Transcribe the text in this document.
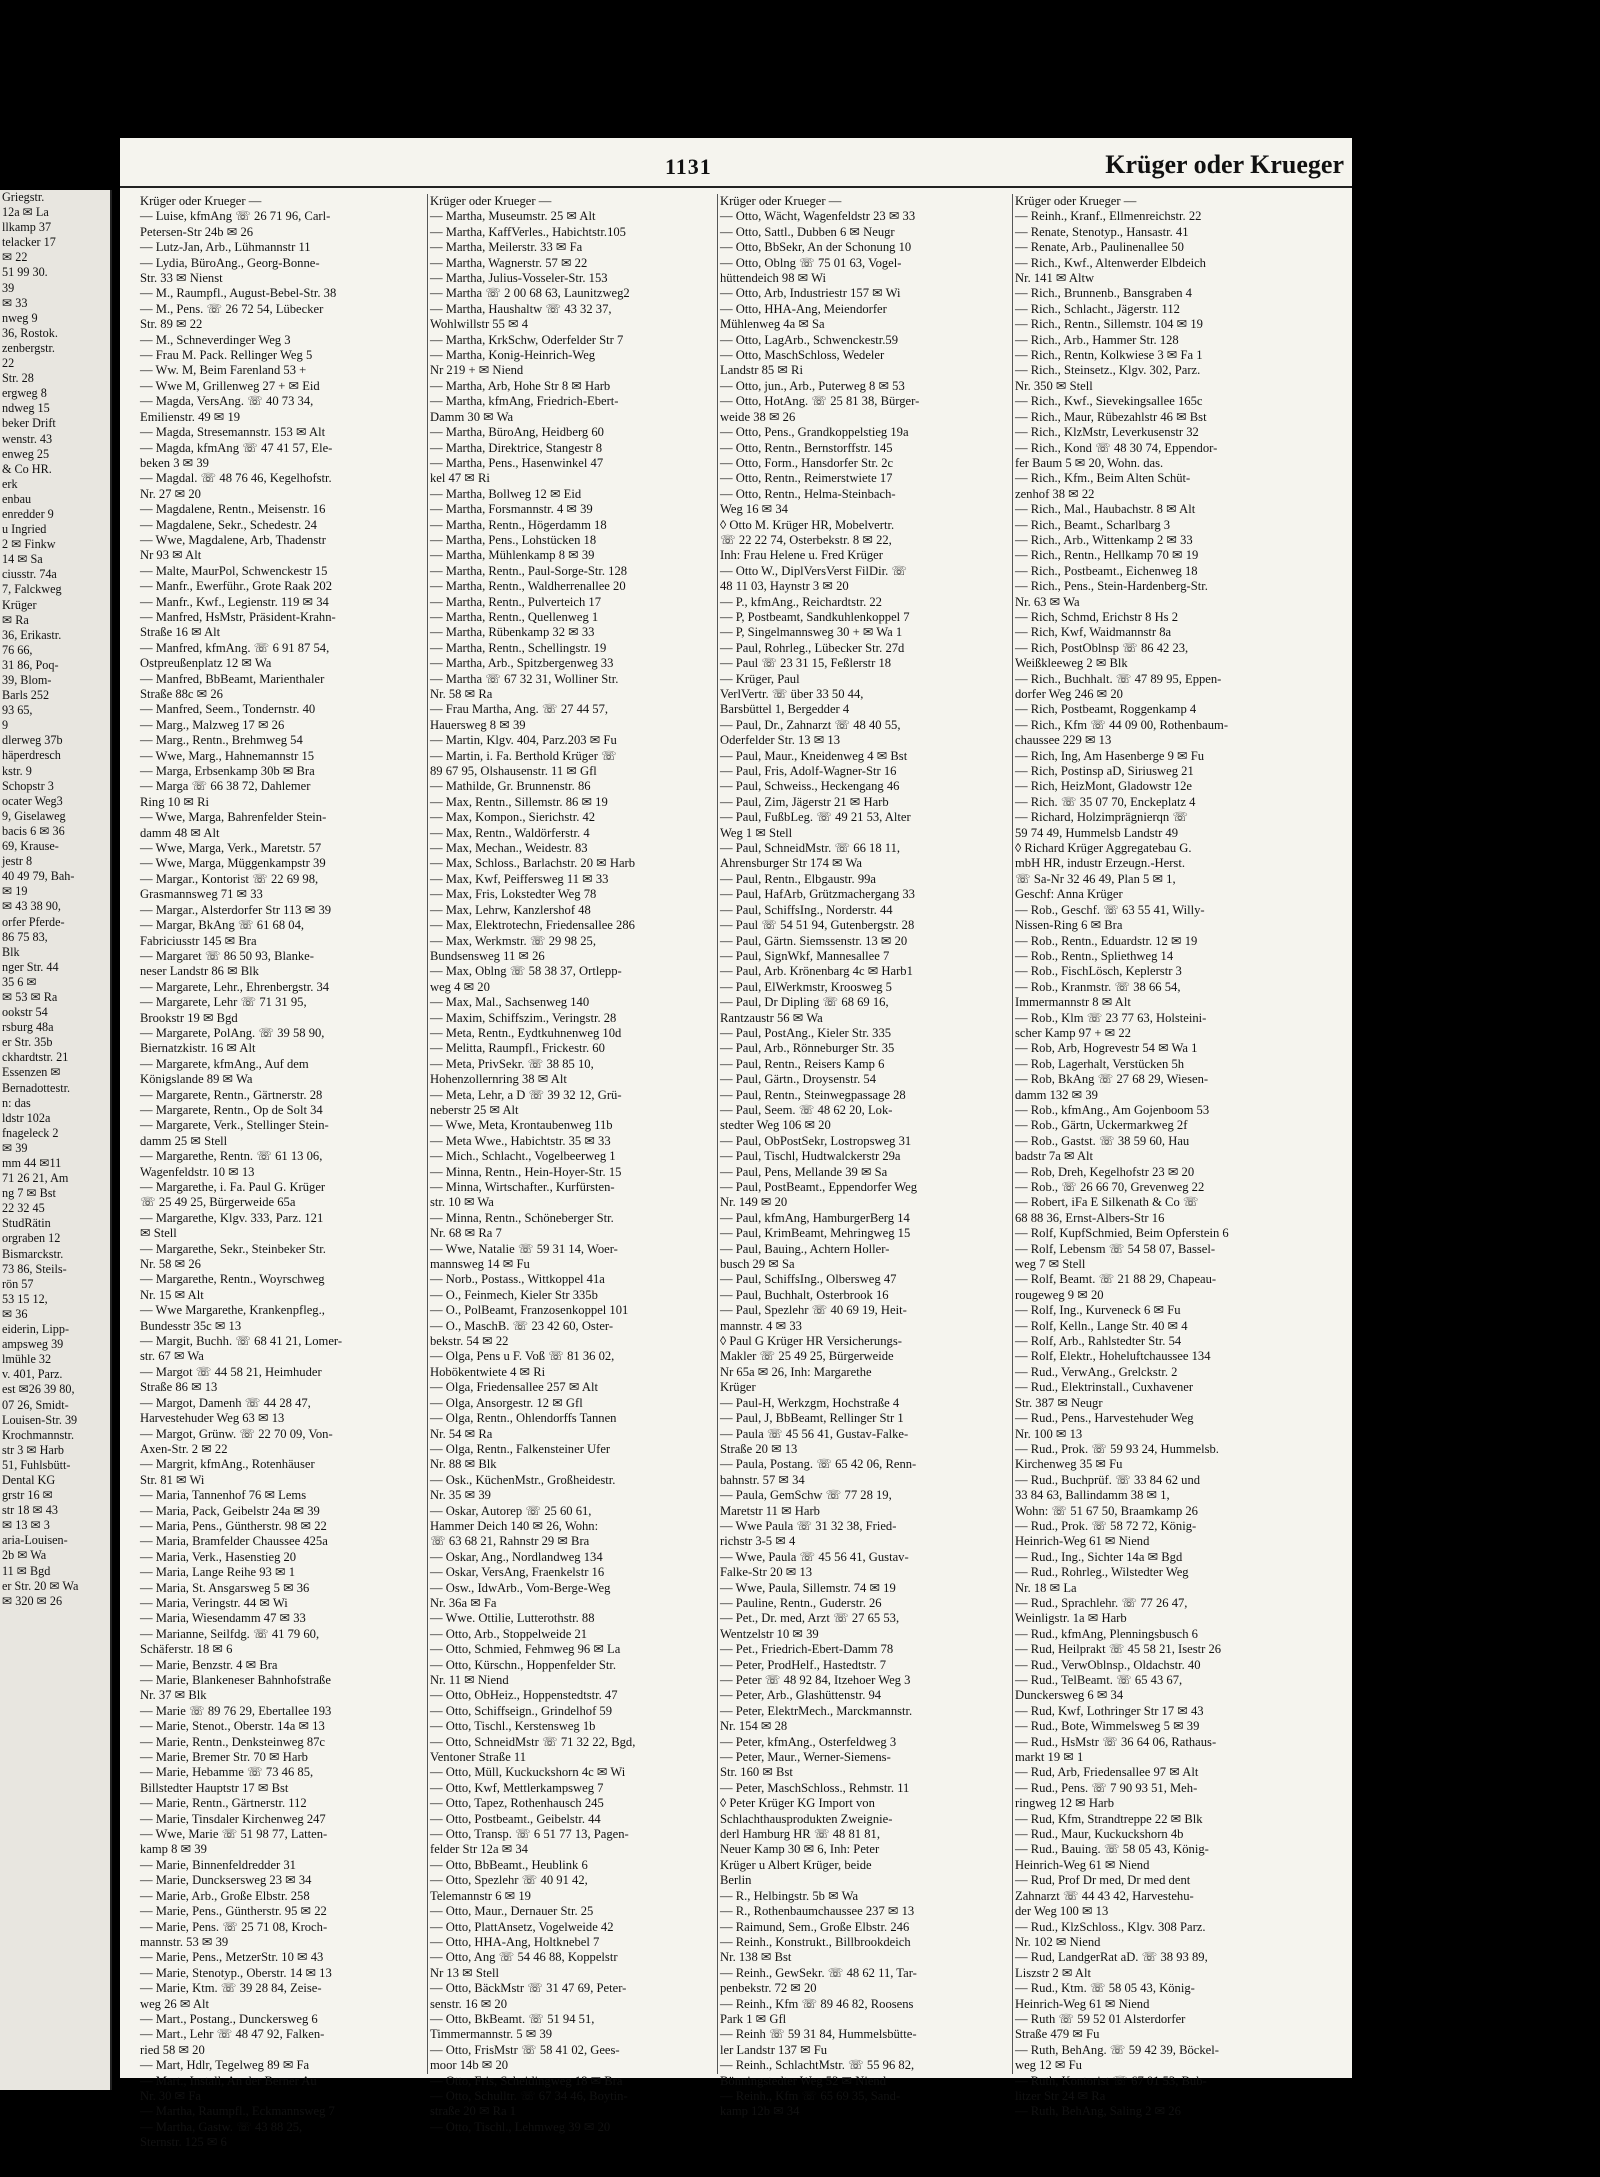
Griegstr.
12a ✉ La
llkamp 37
telacker 17
✉ 22
51 99 30.
39
✉ 33
nweg 9
36, Rostok.
zenbergstr.
22
Str. 28
ergweg 8
ndweg 15
beker Drift
wenstr. 43
enweg 25
& Co HR.
erk
enbau
enredder 9
u Ingried
2 ✉ Finkw
14 ✉ Sa
ciusstr. 74a
7, Falckweg
Krüger
✉ Ra
36, Erikastr.
76 66,
31 86, Poq-
39, Blom-
Barls 252
93 65,
9
dlerweg 37b
häperdresch
kstr. 9
Schopstr 3
ocater Weg3
9, Giselaweg
bacis 6 ✉ 36
69, Krause-
jestr 8
40 49 79, Bah-
✉ 19
✉ 43 38 90,
orfer Pferde-
86 75 83,
Blk
nger Str. 44
35 6 ✉
✉ 53 ✉ Ra
ookstr 54
rsburg 48a
er Str. 35b
ckhardtstr. 21
Essenzen ✉
Bernadottestr.
n: das
ldstr 102a
fnageleck 2
✉ 39
mm 44 ✉11
71 26 21, Am
ng 7 ✉ Bst
22 32 45
StudRätin
orgraben 12
Bismarckstr.
73 86, Steils-
rön 57
53 15 12,
✉ 36
eiderin, Lipp-
ampsweg 39
lmühle 32
v. 401, Parz.
est ✉26 39 80,
07 26, Smidt-
Louisen-Str. 39
Krochmannstr.
str 3 ✉ Harb
51, Fuhlsbütt-
Dental KG
grstr 16 ✉
str 18 ✉ 43
✉ 13 ✉ 3
aria-Louisen-
2b ✉ Wa
11 ✉ Bgd
er Str. 20 ✉ Wa
✉ 320 ✉ 26
1131	Krüger oder Krueger
Krüger oder Krueger —
— Luise, kfmAng ☏ 26 71 96, Carl-
Petersen-Str 24b ✉ 26
— Lutz-Jan, Arb., Lühmannstr 11
— Lydia, BüroAng., Georg-Bonne-
Str. 33 ✉ Nienst
— M., Raumpfl., August-Bebel-Str. 38
— M., Pens. ☏ 26 72 54, Lübecker
Str. 89 ✉ 22
— M., Schneverdinger Weg 3
— Frau M. Pack. Rellinger Weg 5
— Ww. M, Beim Farenland 53 +
— Wwe M, Grillenweg 27 + ✉ Eid
— Magda, VersAng. ☏ 40 73 34,
Emilienstr. 49 ✉ 19
— Magda, Stresemannstr. 153 ✉ Alt
— Magda, kfmAng ☏ 47 41 57, Ele-
beken 3 ✉ 39
— Magdal. ☏ 48 76 46, Kegelhofstr.
Nr. 27 ✉ 20
— Magdalene, Rentn., Meisenstr. 16
— Magdalene, Sekr., Schedestr. 24
— Wwe, Magdalene, Arb, Thadenstr
Nr 93 ✉ Alt
— Malte, MaurPol, Schwenckestr 15
— Manfr., Ewerführ., Grote Raak 202
— Manfr., Kwf., Legienstr. 119 ✉ 34
— Manfred, HsMstr, Präsident-Krahn-
Straße 16 ✉ Alt
— Manfred, kfmAng. ☏ 6 91 87 54,
Ostpreußenplatz 12 ✉ Wa
— Manfred, BbBeamt, Marienthaler
Straße 88c ✉ 26
— Manfred, Seem., Tondernstr. 40
— Marg., Malzweg 17 ✉ 26
— Marg., Rentn., Brehmweg 54
— Wwe, Marg., Hahnemannstr 15
— Marga, Erbsenkamp 30b ✉ Bra
— Marga ☏ 66 38 72, Dahlemer
Ring 10 ✉ Ri
— Wwe, Marga, Bahrenfelder Stein-
damm 48 ✉ Alt
— Wwe, Marga, Verk., Maretstr. 57
— Wwe, Marga, Müggenkampstr 39
— Margar., Kontorist ☏ 22 69 98,
Grasmannsweg 71 ✉ 33
— Margar., Alsterdorfer Str 113 ✉ 39
— Margar, BkAng ☏ 61 68 04,
Fabriciusstr 145 ✉ Bra
— Margaret ☏ 86 50 93, Blanke-
neser Landstr 86 ✉ Blk
— Margarete, Lehr., Ehrenbergstr. 34
— Margarete, Lehr ☏ 71 31 95,
Brookstr 19 ✉ Bgd
— Margarete, PolAng. ☏ 39 58 90,
Biernatzkistr. 16 ✉ Alt
— Margarete, kfmAng., Auf dem
Königslande 89 ✉ Wa
— Margarete, Rentn., Gärtnerstr. 28
— Margarete, Rentn., Op de Solt 34
— Margarete, Verk., Stellinger Stein-
damm 25 ✉ Stell
— Margarethe, Rentn. ☏ 61 13 06,
Wagenfeldstr. 10 ✉ 13
— Margarethe, i. Fa. Paul G. Krüger
☏ 25 49 25, Bürgerweide 65a
— Margarethe, Klgv. 333, Parz. 121
✉ Stell
— Margarethe, Sekr., Steinbeker Str.
Nr. 58 ✉ 26
— Margarethe, Rentn., Woyrschweg
Nr. 15 ✉ Alt
— Wwe Margarethe, Krankenpfleg.,
Bundesstr 35c ✉ 13
— Margit, Buchh. ☏ 68 41 21, Lomer-
str. 67 ✉ Wa
— Margot ☏ 44 58 21, Heimhuder
Straße 86 ✉ 13
— Margot, Damenh ☏ 44 28 47,
Harvestehuder Weg 63 ✉ 13
— Margot, Grünw. ☏ 22 70 09, Von-
Axen-Str. 2 ✉ 22
— Margrit, kfmAng., Rotenhäuser
Str. 81 ✉ Wi
— Maria, Tannenhof 76 ✉ Lems
— Maria, Pack, Geibelstr 24a ✉ 39
— Maria, Pens., Güntherstr. 98 ✉ 22
— Maria, Bramfelder Chaussee 425a
— Maria, Verk., Hasenstieg 20
— Maria, Lange Reihe 93 ✉ 1
— Maria, St. Ansgarsweg 5 ✉ 36
— Maria, Veringstr. 44 ✉ Wi
— Maria, Wiesendamm 47 ✉ 33
— Marianne, Seilfdg. ☏ 41 79 60,
Schäferstr. 18 ✉ 6
— Marie, Benzstr. 4 ✉ Bra
— Marie, Blankeneser Bahnhofstraße
Nr. 37 ✉ Blk
— Marie ☏ 89 76 29, Ebertallee 193
— Marie, Stenot., Oberstr. 14a ✉ 13
— Marie, Rentn., Denksteinweg 87c
— Marie, Bremer Str. 70 ✉ Harb
— Marie, Hebamme ☏ 73 46 85,
Billstedter Hauptstr 17 ✉ Bst
— Marie, Rentn., Gärtnerstr. 112
— Marie, Tinsdaler Kirchenweg 247
— Wwe, Marie ☏ 51 98 77, Latten-
kamp 8 ✉ 39
— Marie, Binnenfeldredder 31
— Marie, Duncksersweg 23 ✉ 34
— Marie, Arb., Große Elbstr. 258
— Marie, Pens., Güntherstr. 95 ✉ 22
— Marie, Pens. ☏ 25 71 08, Kroch-
mannstr. 53 ✉ 39
— Marie, Pens., MetzerStr. 10 ✉ 43
— Marie, Stenotyp., Oberstr. 14 ✉ 13
— Marie, Ktm. ☏ 39 28 84, Zeise-
weg 26 ✉ Alt
— Mart., Postang., Dunckersweg 6
— Mart., Lehr ☏ 48 47 92, Falken-
ried 58 ✉ 20
— Mart, Hdlr, Tegelweg 89 ✉ Fa
— Mart., Install, An der Berner Au
Nr. 30 ✉ Fa
— Martha, Raumpfl., Eckmannsweg 7
— Martha, Gastw. ☏ 43 88 25,
Sternstr. 125 ✉ 6
Krüger oder Krueger —
— Martha, Museumstr. 25 ✉ Alt
— Martha, KaffVerles., Habichtstr.105
— Martha, Meilerstr. 33 ✉ Fa
— Martha, Wagnerstr. 57 ✉ 22
— Martha, Julius-Vosseler-Str. 153
— Martha ☏ 2 00 68 63, Launitzweg2
— Martha, Haushaltw ☏ 43 32 37,
Wohlwillstr 55 ✉ 4
— Martha, KrkSchw, Oderfelder Str 7
— Martha, Konig-Heinrich-Weg
Nr 219 + ✉ Niend
— Martha, Arb, Hohe Str 8 ✉ Harb
— Martha, kfmAng, Friedrich-Ebert-
Damm 30 ✉ Wa
— Martha, BüroAng, Heidberg 60
— Martha, Direktrice, Stangestr 8
— Martha, Pens., Hasenwinkel 47
kel 47 ✉ Ri
— Martha, Bollweg 12 ✉ Eid
— Martha, Forsmannstr. 4 ✉ 39
— Martha, Rentn., Högerdamm 18
— Martha, Pens., Lohstücken 18
— Martha, Mühlenkamp 8 ✉ 39
— Martha, Rentn., Paul-Sorge-Str. 128
— Martha, Rentn., Waldherrenallee 20
— Martha, Rentn., Pulverteich 17
— Martha, Rentn., Quellenweg 1
— Martha, Rübenkamp 32 ✉ 33
— Martha, Rentn., Schellingstr. 19
— Martha, Arb., Spitzbergenweg 33
— Martha ☏ 67 32 31, Wolliner Str.
Nr. 58 ✉ Ra
— Frau Martha, Ang. ☏ 27 44 57,
Hauersweg 8 ✉ 39
— Martin, Klgv. 404, Parz.203 ✉ Fu
— Martin, i. Fa. Berthold Krüger ☏
89 67 95, Olshausenstr. 11 ✉ Gfl
— Mathilde, Gr. Brunnenstr. 86
— Max, Rentn., Sillemstr. 86 ✉ 19
— Max, Kompon., Sierichstr. 42
— Max, Rentn., Waldörferstr. 4
— Max, Mechan., Weidestr. 83
— Max, Schloss., Barlachstr. 20 ✉ Harb
— Max, Kwf, Peiffersweg 11 ✉ 33
— Max, Fris, Lokstedter Weg 78
— Max, Lehrw, Kanzlershof 48
— Max, Elektrotechn, Friedensallee 286
— Max, Werkmstr. ☏ 29 98 25,
Bundsensweg 11 ✉ 26
— Max, Oblng ☏ 58 38 37, Ortlepp-
weg 4 ✉ 20
— Max, Mal., Sachsenweg 140
— Maxim, Schiffszim., Veringstr. 28
— Meta, Rentn., Eydtkuhnenweg 10d
— Melitta, Raumpfl., Frickestr. 60
— Meta, PrivSekr. ☏ 38 85 10,
Hohenzollernring 38 ✉ Alt
— Meta, Lehr, a D ☏ 39 32 12, Grü-
neberstr 25 ✉ Alt
— Wwe, Meta, Krontaubenweg 11b
— Meta Wwe., Habichtstr. 35 ✉ 33
— Mich., Schlacht., Vogelbeerweg 1
— Minna, Rentn., Hein-Hoyer-Str. 15
— Minna, Wirtschafter., Kurfürsten-
str. 10 ✉ Wa
— Minna, Rentn., Schöneberger Str.
Nr. 68 ✉ Ra 7
— Wwe, Natalie ☏ 59 31 14, Woer-
mannsweg 14 ✉ Fu
— Norb., Postass., Wittkoppel 41a
— O., Feinmech, Kieler Str 335b
— O., PolBeamt, Franzosenkoppel 101
— O., MaschB. ☏ 23 42 60, Oster-
bekstr. 54 ✉ 22
— Olga, Pens u F. Voß ☏ 81 36 02,
Hobökentwiete 4 ✉ Ri
— Olga, Friedensallee 257 ✉ Alt
— Olga, Ansorgestr. 12 ✉ Gfl
— Olga, Rentn., Ohlendorffs Tannen
Nr. 54 ✉ Ra
— Olga, Rentn., Falkensteiner Ufer
Nr. 88 ✉ Blk
— Osk., KüchenMstr., Großheidestr.
Nr. 35 ✉ 39
— Oskar, Autorep ☏ 25 60 61,
Hammer Deich 140 ✉ 26, Wohn:
☏ 63 68 21, Rahnstr 29 ✉ Bra
— Oskar, Ang., Nordlandweg 134
— Oskar, VersAng, Fraenkelstr 16
— Osw., IdwArb., Vom-Berge-Weg
Nr. 36a ✉ Fa
— Wwe. Ottilie, Lutterothstr. 88
— Otto, Arb., Stoppelweide 21
— Otto, Schmied, Fehmweg 96 ✉ La
— Otto, Kürschn., Hoppenfelder Str.
Nr. 11 ✉ Niend
— Otto, ObHeiz., Hoppenstedtstr. 47
— Otto, Schiffseign., Grindelhof 59
— Otto, Tischl., Kerstensweg 1b
— Otto, SchneidMstr ☏ 71 32 22, Bgd,
Ventoner Straße 11
— Otto, Müll, Kuckuckshorn 4c ✉ Wi
— Otto, Kwf, Mettlerkampsweg 7
— Otto, Tapez, Rothenhausch 245
— Otto, Postbeamt., Geibelstr. 44
— Otto, Transp. ☏ 6 51 77 13, Pagen-
felder Str 12a ✉ 34
— Otto, BbBeamt., Heublink 6
— Otto, Spezlehr ☏ 40 91 42,
Telemannstr 6 ✉ 19
— Otto, Maur., Dernauer Str. 25
— Otto, PlattAnsetz, Vogelweide 42
— Otto, HHA-Ang, Holtknebel 7
— Otto, Ang ☏ 54 46 88, Koppelstr
Nr 13 ✉ Stell
— Otto, BäckMstr ☏ 31 47 69, Peter-
senstr. 16 ✉ 20
— Otto, BkBeamt. ☏ 51 94 51,
Timmermannstr. 5 ✉ 39
— Otto, FrisMstr ☏ 58 41 02, Gees-
moor 14b ✉ 20
— Otto, Fris, Scheidingweg 18 ✉ Bra
— Otto, Schulltr. ☏ 67 34 46, Boytin-
straße 20 ✉ Ra 1
— Otto, Tischl., Lehmweg 39 ✉ 20
Krüger oder Krueger —
— Otto, Wächt, Wagenfeldstr 23 ✉ 33
— Otto, Sattl., Dubben 6 ✉ Neugr
— Otto, BbSekr, An der Schonung 10
— Otto, Oblng ☏ 75 01 63, Vogel-
hüttendeich 98 ✉ Wi
— Otto, Arb, Industriestr 157 ✉ Wi
— Otto, HHA-Ang, Meiendorfer
Mühlenweg 4a ✉ Sa
— Otto, LagArb., Schwenckestr.59
— Otto, MaschSchloss, Wedeler
Landstr 85 ✉ Ri
— Otto, jun., Arb., Puterweg 8 ✉ 53
— Otto, HotAng. ☏ 25 81 38, Bürger-
weide 38 ✉ 26
— Otto, Pens., Grandkoppelstieg 19a
— Otto, Rentn., Bernstorffstr. 145
— Otto, Form., Hansdorfer Str. 2c
— Otto, Rentn., Reimerstwiete 17
— Otto, Rentn., Helma-Steinbach-
Weg 16 ✉ 34
◊ Otto M. Krüger HR, Mobelvertr.
☏ 22 22 74, Osterbekstr. 8 ✉ 22,
Inh: Frau Helene u. Fred Krüger
— Otto W., DiplVersVerst FilDir. ☏
48 11 03, Haynstr 3 ✉ 20
— P., kfmAng., Reichardtstr. 22
— P, Postbeamt, Sandkuhlenkoppel 7
— P, Singelmannsweg 30 + ✉ Wa 1
— Paul, Rohrleg., Lübecker Str. 27d
— Paul ☏ 23 31 15, Feßlerstr 18
— Krüger, Paul
VerlVertr. ☏ über 33 50 44,
Barsbüttel 1, Bergedder 4
— Paul, Dr., Zahnarzt ☏ 48 40 55,
Oderfelder Str. 13 ✉ 13
— Paul, Maur., Kneidenweg 4 ✉ Bst
— Paul, Fris, Adolf-Wagner-Str 16
— Paul, Schweiss., Heckengang 46
— Paul, Zim, Jägerstr 21 ✉ Harb
— Paul, FußbLeg. ☏ 49 21 53, Alter
Weg 1 ✉ Stell
— Paul, SchneidMstr. ☏ 66 18 11,
Ahrensburger Str 174 ✉ Wa
— Paul, Rentn., Elbgaustr. 99a
— Paul, HafArb, Grützmachergang 33
— Paul, SchiffsIng., Norderstr. 44
— Paul ☏ 54 51 94, Gutenbergstr. 28
— Paul, Gärtn. Siemssenstr. 13 ✉ 20
— Paul, SignWkf, Mannesallee 7
— Paul, Arb. Krönenbarg 4c ✉ Harb1
— Paul, ElWerkmstr, Kroosweg 5
— Paul, Dr Dipling ☏ 68 69 16,
Rantzaustr 56 ✉ Wa
— Paul, PostAng., Kieler Str. 335
— Paul, Arb., Rönneburger Str. 35
— Paul, Rentn., Reisers Kamp 6
— Paul, Gärtn., Droysenstr. 54
— Paul, Rentn., Steinwegpassage 28
— Paul, Seem. ☏ 48 62 20, Lok-
stedter Weg 106 ✉ 20
— Paul, ObPostSekr, Lostropsweg 31
— Paul, Tischl, Hudtwalckerstr 29a
— Paul, Pens, Mellande 39 ✉ Sa
— Paul, PostBeamt., Eppendorfer Weg
Nr. 149 ✉ 20
— Paul, kfmAng, HamburgerBerg 14
— Paul, KrimBeamt, Mehringweg 15
— Paul, Bauing., Achtern Holler-
busch 29 ✉ Sa
— Paul, SchiffsIng., Olbersweg 47
— Paul, Buchhalt, Osterbrook 16
— Paul, Spezlehr ☏ 40 69 19, Heit-
mannstr. 4 ✉ 33
◊ Paul G Krüger HR Versicherungs-
Makler ☏ 25 49 25, Bürgerweide
Nr 65a ✉ 26, Inh: Margarethe
Krüger
— Paul-H, Werkzgm, Hochstraße 4
— Paul, J, BbBeamt, Rellinger Str 1
— Paula ☏ 45 56 41, Gustav-Falke-
Straße 20 ✉ 13
— Paula, Postang. ☏ 65 42 06, Renn-
bahnstr. 57 ✉ 34
— Paula, GemSchw ☏ 77 28 19,
Maretstr 11 ✉ Harb
— Wwe Paula ☏ 31 32 38, Fried-
richstr 3-5 ✉ 4
— Wwe, Paula ☏ 45 56 41, Gustav-
Falke-Str 20 ✉ 13
— Wwe, Paula, Sillemstr. 74 ✉ 19
— Pauline, Rentn., Guderstr. 26
— Pet., Dr. med, Arzt ☏ 27 65 53,
Wentzelstr 10 ✉ 39
— Pet., Friedrich-Ebert-Damm 78
— Peter, ProdHelf., Hastedtstr. 7
— Peter ☏ 48 92 84, Itzehoer Weg 3
— Peter, Arb., Glashüttenstr. 94
— Peter, ElektrMech., Marckmannstr.
Nr. 154 ✉ 28
— Peter, kfmAng., Osterfeldweg 3
— Peter, Maur., Werner-Siemens-
Str. 160 ✉ Bst
— Peter, MaschSchloss., Rehmstr. 11
◊ Peter Krüger KG Import von
Schlachthausprodukten Zweignie-
derl Hamburg HR ☏ 48 81 81,
Neuer Kamp 30 ✉ 6, Inh: Peter
Krüger u Albert Krüger, beide
Berlin
— R., Helbingstr. 5b ✉ Wa
— R., Rothenbaumchaussee 237 ✉ 13
— Raimund, Sem., Große Elbstr. 246
— Reinh., Konstrukt., Billbrookdeich
Nr. 138 ✉ Bst
— Reinh., GewSekr. ☏ 48 62 11, Tar-
penbekstr. 72 ✉ 20
— Reinh., Kfm ☏ 89 46 82, Roosens
Park 1 ✉ Gfl
— Reinh ☏ 59 31 84, Hummelsbütte-
ler Landstr 137 ✉ Fu
— Reinh., SchlachtMstr. ☏ 55 96 82,
Bönningstedter Weg 52 ✉ Niend
— Reinh., Kfm ☏ 65 69 35, Sand-
kamp 12b ✉ 34
Krüger oder Krueger —
— Reinh., Kranf., Ellmenreichstr. 22
— Renate, Stenotyp., Hansastr. 41
— Renate, Arb., Paulinenallee 50
— Rich., Kwf., Altenwerder Elbdeich
Nr. 141 ✉ Altw
— Rich., Brunnenb., Bansgraben 4
— Rich., Schlacht., Jägerstr. 112
— Rich., Rentn., Sillemstr. 104 ✉ 19
— Rich., Arb., Hammer Str. 128
— Rich., Rentn, Kolkwiese 3 ✉ Fa 1
— Rich., Steinsetz., Klgv. 302, Parz.
Nr. 350 ✉ Stell
— Rich., Kwf., Sievekingsallee 165c
— Rich., Maur, Rübezahlstr 46 ✉ Bst
— Rich., KlzMstr, Leverkusenstr 32
— Rich., Kond ☏ 48 30 74, Eppendor-
fer Baum 5 ✉ 20, Wohn. das.
— Rich., Kfm., Beim Alten Schüt-
zenhof 38 ✉ 22
— Rich., Mal., Haubachstr. 8 ✉ Alt
— Rich., Beamt., Scharlbarg 3
— Rich., Arb., Wittenkamp 2 ✉ 33
— Rich., Rentn., Hellkamp 70 ✉ 19
— Rich., Postbeamt., Eichenweg 18
— Rich., Pens., Stein-Hardenberg-Str.
Nr. 63 ✉ Wa
— Rich, Schmd, Erichstr 8 Hs 2
— Rich, Kwf, Waidmannstr 8a
— Rich, PostOblnsp ☏ 86 42 23,
Weißkleeweg 2 ✉ Blk
— Rich., Buchhalt. ☏ 47 89 95, Eppen-
dorfer Weg 246 ✉ 20
— Rich, Postbeamt, Roggenkamp 4
— Rich., Kfm ☏ 44 09 00, Rothenbaum-
chaussee 229 ✉ 13
— Rich, Ing, Am Hasenberge 9 ✉ Fu
— Rich, Postinsp aD, Siriusweg 21
— Rich, HeizMont, Gladowstr 12e
— Rich. ☏ 35 07 70, Enckeplatz 4
— Richard, Holzimprägnierqn ☏
59 74 49, Hummelsb Landstr 49
◊ Richard Krüger Aggregatebau G.
mbH HR, industr Erzeugn.-Herst.
☏ Sa-Nr 32 46 49, Plan 5 ✉ 1,
Geschf: Anna Krüger
— Rob., Geschf. ☏ 63 55 41, Willy-
Nissen-Ring 6 ✉ Bra
— Rob., Rentn., Eduardstr. 12 ✉ 19
— Rob., Rentn., Spliethweg 14
— Rob., FischLösch, Keplerstr 3
— Rob., Kranmstr. ☏ 38 66 54,
Immermannstr 8 ✉ Alt
— Rob., Klm ☏ 23 77 63, Holsteini-
scher Kamp 97 + ✉ 22
— Rob, Arb, Hogrevestr 54 ✉ Wa 1
— Rob, Lagerhalt, Verstücken 5h
— Rob, BkAng ☏ 27 68 29, Wiesen-
damm 132 ✉ 39
— Rob., kfmAng., Am Gojenboom 53
— Rob., Gärtn, Uckermarkweg 2f
— Rob., Gastst. ☏ 38 59 60, Hau
badstr 7a ✉ Alt
— Rob, Dreh, Kegelhofstr 23 ✉ 20
— Rob., ☏ 26 66 70, Grevenweg 22
— Robert, iFa E Silkenath & Co ☏
68 88 36, Ernst-Albers-Str 16
— Rolf, KupfSchmied, Beim Opferstein 6
— Rolf, Lebensm ☏ 54 58 07, Bassel-
weg 7 ✉ Stell
— Rolf, Beamt. ☏ 21 88 29, Chapeau-
rougeweg 9 ✉ 20
— Rolf, Ing., Kurveneck 6 ✉ Fu
— Rolf, Kelln., Lange Str. 40 ✉ 4
— Rolf, Arb., Rahlstedter Str. 54
— Rolf, Elektr., Hoheluftchaussee 134
— Rud., VerwAng., Grelckstr. 2
— Rud., Elektrinstall., Cuxhavener
Str. 387 ✉ Neugr
— Rud., Pens., Harvestehuder Weg
Nr. 100 ✉ 13
— Rud., Prok. ☏ 59 93 24, Hummelsb.
Kirchenweg 35 ✉ Fu
— Rud., Buchprüf. ☏ 33 84 62 und
33 84 63, Ballindamm 38 ✉ 1,
Wohn: ☏ 51 67 50, Braamkamp 26
— Rud., Prok. ☏ 58 72 72, König-
Heinrich-Weg 61 ✉ Niend
— Rud., Ing., Sichter 14a ✉ Bgd
— Rud., Rohrleg., Wilstedter Weg
Nr. 18 ✉ La
— Rud., Sprachlehr. ☏ 77 26 47,
Weinligstr. 1a ✉ Harb
— Rud., kfmAng, Plenningsbusch 6
— Rud, Heilprakt ☏ 45 58 21, Isestr 26
— Rud., VerwOblnsp., Oldachstr. 40
— Rud., TelBeamt. ☏ 65 43 67,
Dunckersweg 6 ✉ 34
— Rud, Kwf, Lothringer Str 17 ✉ 43
— Rud., Bote, Wimmelsweg 5 ✉ 39
— Rud., HsMstr ☏ 36 64 06, Rathaus-
markt 19 ✉ 1
— Rud, Arb, Friedensallee 97 ✉ Alt
— Rud., Pens. ☏ 7 90 93 51, Meh-
ringweg 12 ✉ Harb
— Rud, Kfm, Strandtreppe 22 ✉ Blk
— Rud., Maur, Kuckuckshorn 4b
— Rud., Bauing. ☏ 58 05 43, König-
Heinrich-Weg 61 ✉ Niend
— Rud, Prof Dr med, Dr med dent
Zahnarzt ☏ 44 43 42, Harvestehu-
der Weg 100 ✉ 13
— Rud., KlzSchloss., Klgv. 308 Parz.
Nr. 102 ✉ Niend
— Rud, LandgerRat aD. ☏ 38 93 89,
Liszstr 2 ✉ Alt
— Rud., Ktm. ☏ 58 05 43, König-
Heinrich-Weg 61 ✉ Niend
— Ruth ☏ 59 52 01 Alsterdorfer
Straße 479 ✉ Fu
— Ruth, BehAng. ☏ 59 42 39, Böckel-
weg 12 ✉ Fu
— Ruth, Kontorist ☏ 67 01 53, Bub-
litzer Str 24 ✉ Ra
— Ruth, BehAng, Saling 2 ✉ 26
